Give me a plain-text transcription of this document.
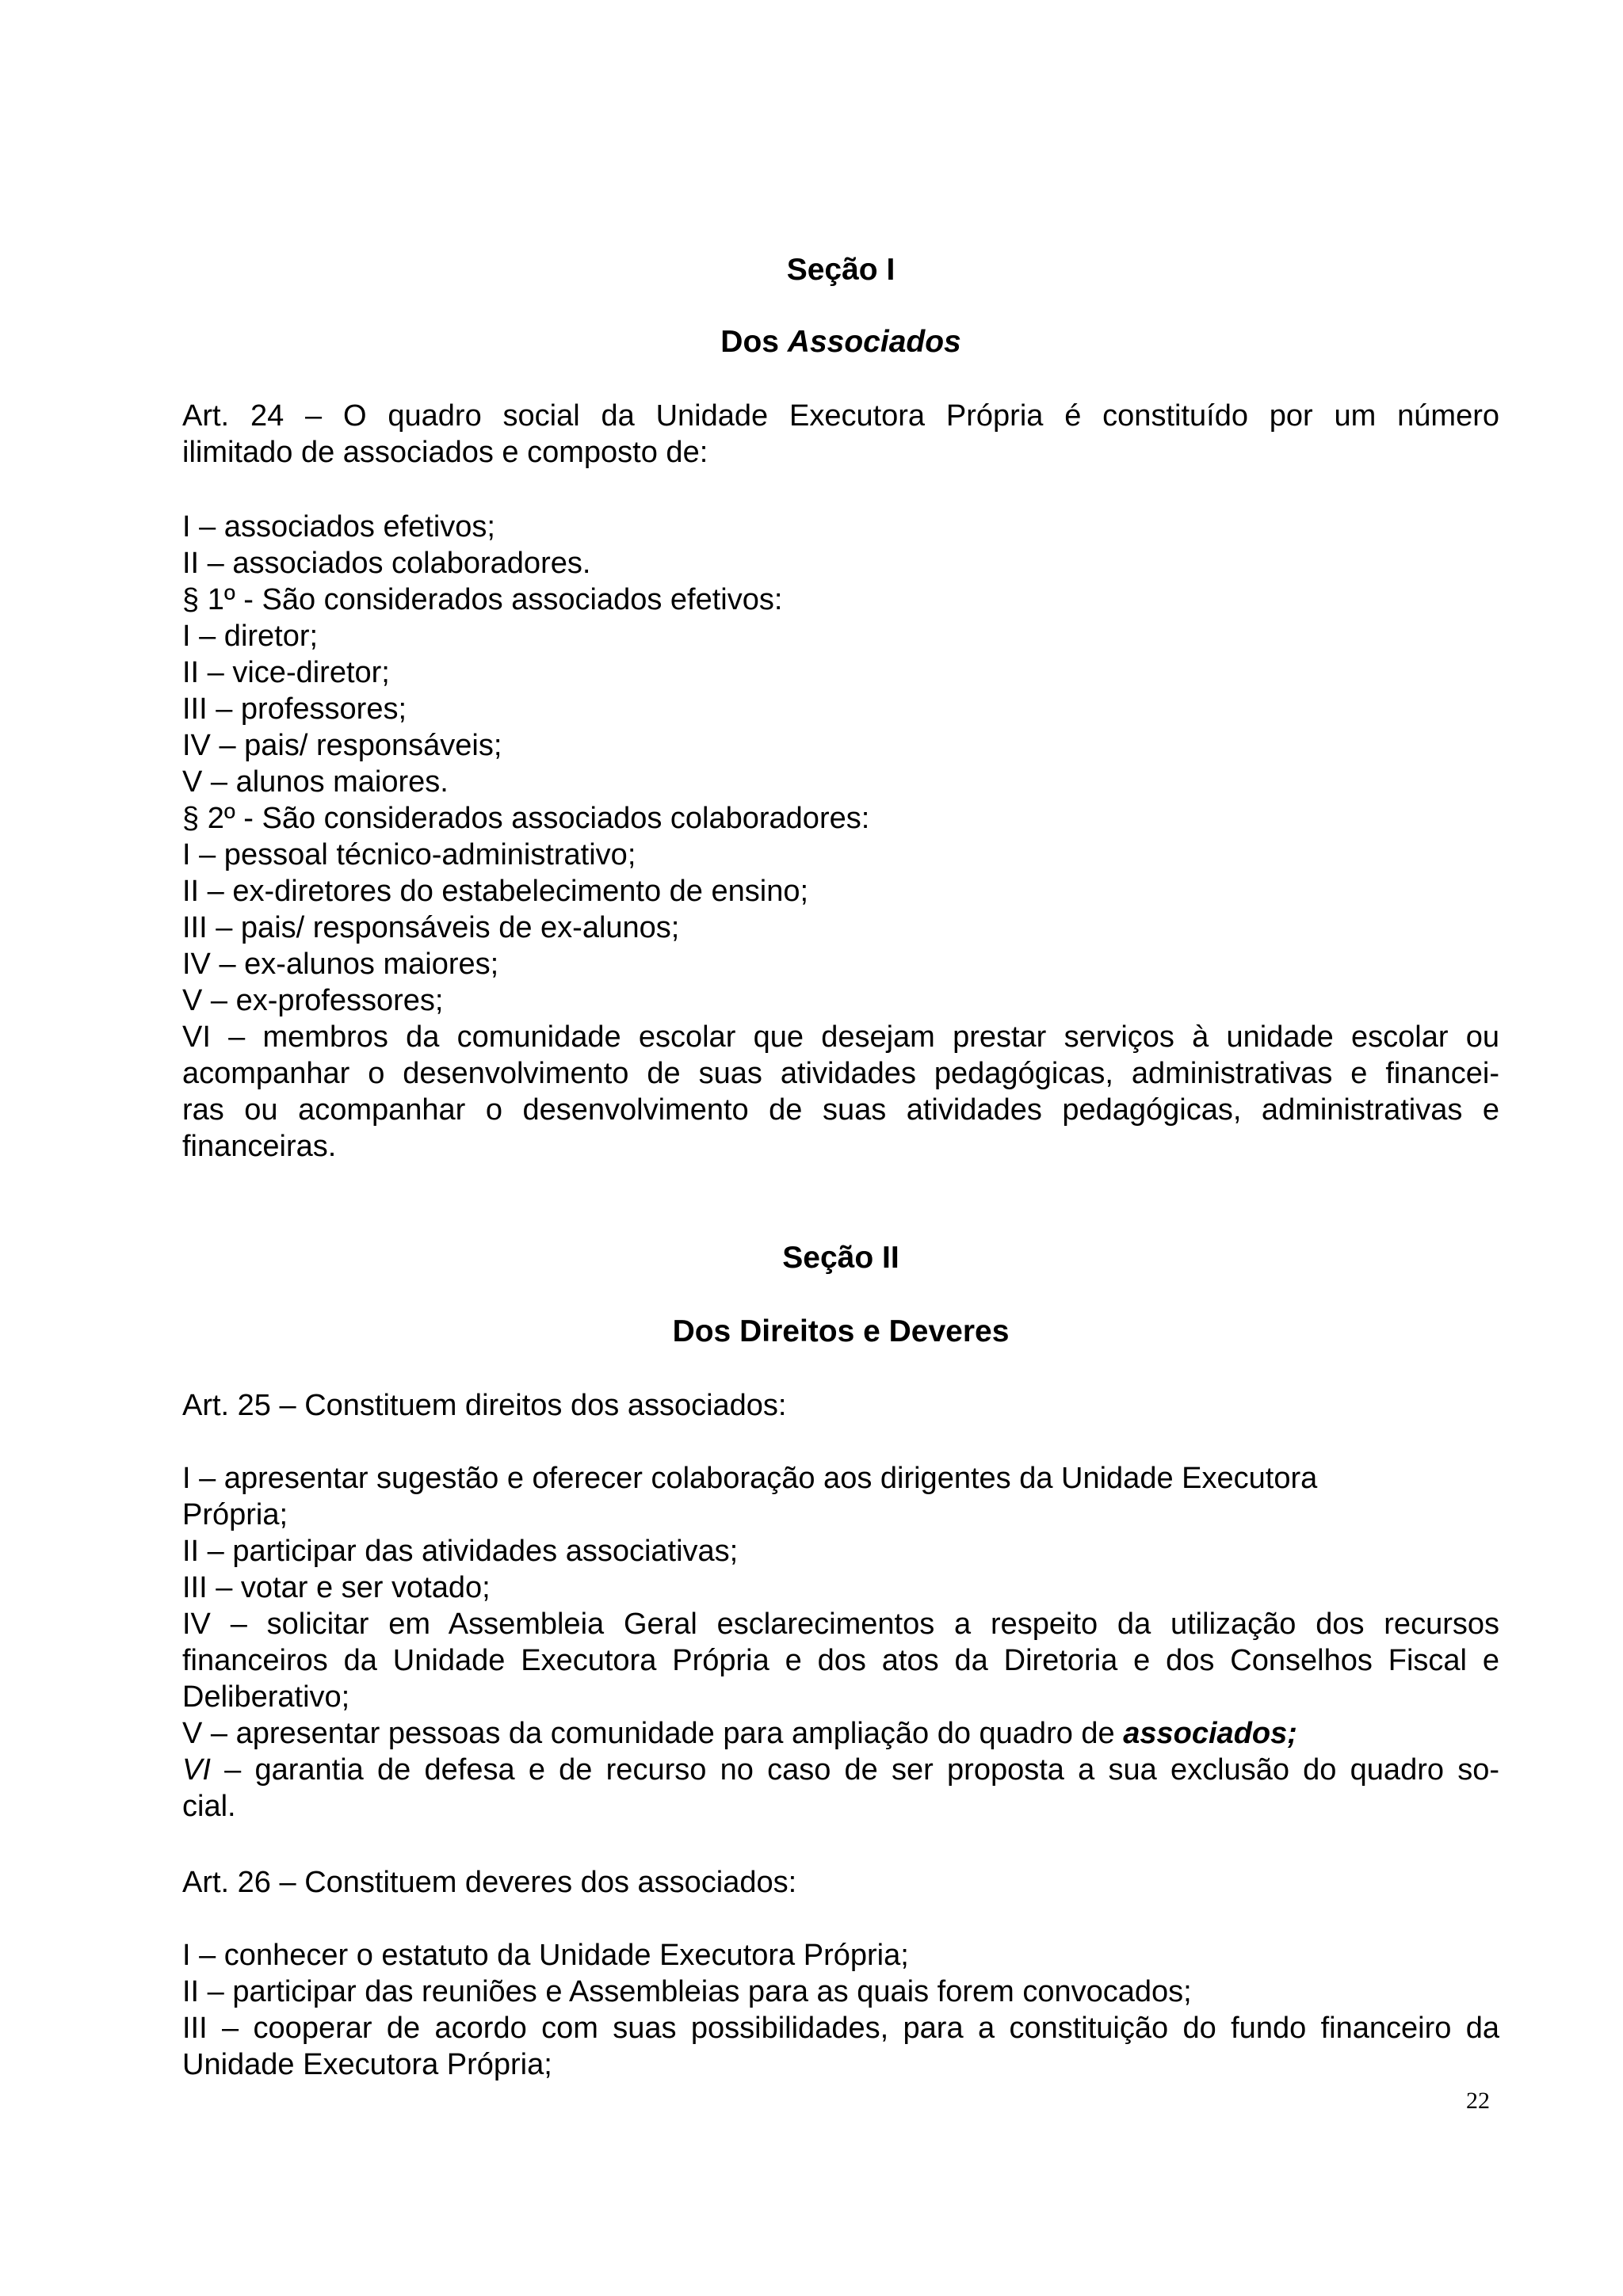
Seção I
Dos Associados
Art. 24 – O quadro social da Unidade Executora Própria é constituído por um número
ilimitado de associados e composto de:
I – associados efetivos;
II – associados colaboradores.
§ 1º - São considerados associados efetivos:
I – diretor;
II – vice-diretor;
III – professores;
IV – pais/ responsáveis;
V – alunos maiores.
§ 2º - São considerados associados colaboradores:
I – pessoal técnico-administrativo;
II – ex-diretores do estabelecimento de ensino;
III – pais/ responsáveis de ex-alunos;
IV – ex-alunos maiores;
V – ex-professores;
VI – membros da comunidade escolar que desejam prestar serviços à unidade escolar ou
acompanhar o desenvolvimento de suas atividades pedagógicas, administrativas e financei-
ras ou acompanhar o desenvolvimento de suas atividades pedagógicas, administrativas e
financeiras.
Seção II
Dos Direitos e Deveres
Art. 25 – Constituem direitos dos associados:
I – apresentar sugestão e oferecer colaboração aos dirigentes da Unidade Executora
Própria;
II – participar das atividades associativas;
III – votar e ser votado;
IV – solicitar em Assembleia Geral esclarecimentos a respeito da utilização dos recursos
financeiros da Unidade Executora Própria e dos atos da Diretoria e dos Conselhos Fiscal e
Deliberativo;
V – apresentar pessoas da comunidade para ampliação do quadro de associados;
VI – garantia de defesa e de recurso no caso de ser proposta a sua exclusão do quadro so-
cial.
Art. 26 – Constituem deveres dos associados:
I – conhecer o estatuto da Unidade Executora Própria;
II – participar das reuniões e Assembleias para as quais forem convocados;
III – cooperar de acordo com suas possibilidades, para a constituição do fundo financeiro da
Unidade Executora Própria;
22
